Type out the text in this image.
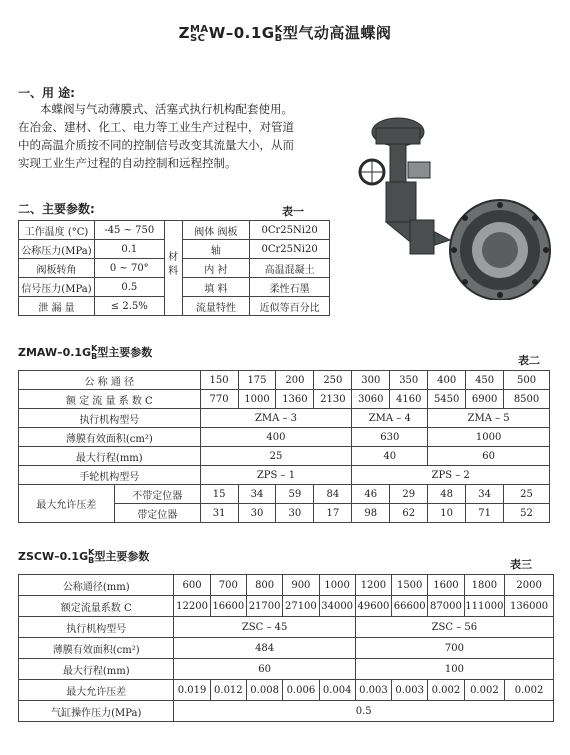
Z MA
SC W–0.1G K
B 型气动高温蝶阀
一、用 途:
本蝶阀与气动薄膜式、活塞式执行机构配套使用。
在冶金、建材、化工、电力等工业生产过程中，对管道
中的高温介质按不同的控制信号改变其流量大小，从而
实现工业生产过程的自动控制和远程控制。
二、主要参数:	表一
工作温度 (°C)	-45 ~ 750	材料	阀体 阀板	0Cr25Ni20
公称压力(MPa)	0.1		轴	0Cr25Ni20
阀板转角	0 ~ 70°		内 衬	高温混凝土
信号压力(MPa)	0.5		填 料	柔性石墨
泄 漏 量	≤ 2.5%		流量特性	近似等百分比
ZMAW–0.1G K
B 型主要参数
表二
公 称 通 径		150	175	200	250	300	350	400	450	500
额 定 流 量 系 数 C		770	1000	1360	2130	3060	4160	5450	6900	8500
执行机构型号		ZMA – 3				ZMA – 4		ZMA – 5		
薄膜有效面积(cm²)		400				630		1000		
最大行程(mm)		25				40		60		
手轮机构型号		ZPS – 1				ZPS – 2				
最大允许压差	不带定位器	15	34	59	84	46	29	48	34	25
	带定位器	31	30	30	17	98	62	10	71	52
ZSCW–0.1G K
B 型主要参数
表三
公称通径(mm)	600	700	800	900	1000	1200	1500	1600	1800	2000
额定流量系数 C	12200	16600	21700	27100	34000	49600	66600	87000	111000	136000
执行机构型号	ZSC – 45					ZSC – 56				
薄膜有效面积(cm²)	484					700				
最大行程(mm)	60					100				
最大允许压差	0.019	0.012	0.008	0.006	0.004	0.003	0.003	0.002	0.002	0.002
气缸操作压力(MPa)	0.5									
